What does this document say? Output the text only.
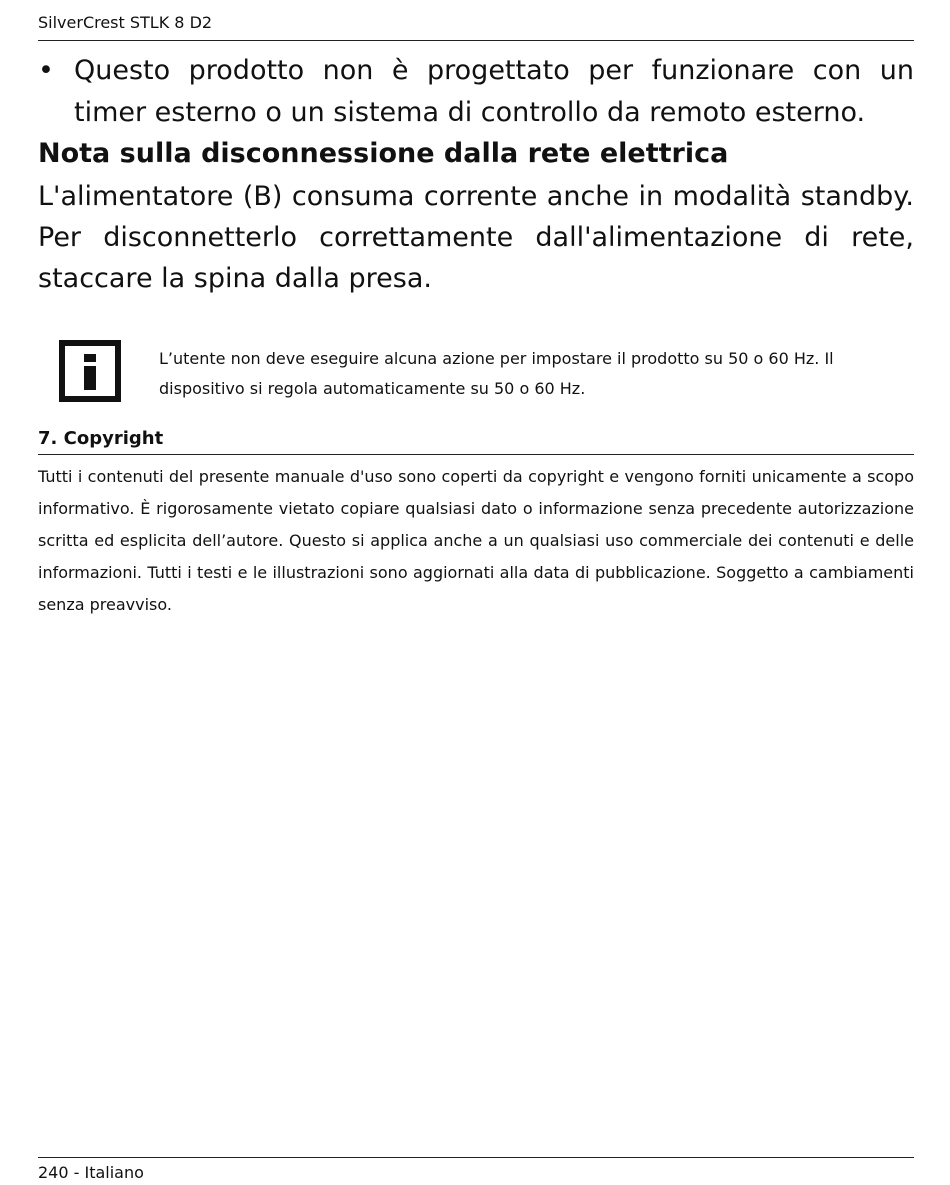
SilverCrest STLK 8 D2
• Questo prodotto non è progettato per funzionare con un timer esterno o un sistema di controllo da remoto esterno.
Nota sulla disconnessione dalla rete elettrica
L'alimentatore (B) consuma corrente anche in modalità standby. Per disconnetterlo correttamente dall'alimentazione di rete, staccare la spina dalla presa.
L’utente non deve eseguire alcuna azione per impostare il prodotto su 50 o 60 Hz. Il dispositivo si regola automaticamente su 50 o 60 Hz.
7. Copyright
Tutti i contenuti del presente manuale d'uso sono coperti da copyright e vengono forniti unicamente a scopo informativo. È rigorosamente vietato copiare qualsiasi dato o informazione senza precedente autorizzazione scritta ed esplicita dell’autore. Questo si applica anche a un qualsiasi uso commerciale dei contenuti e delle informazioni. Tutti i testi e le illustrazioni sono aggiornati alla data di pubblicazione. Soggetto a cambiamenti senza preavviso.
240 - Italiano
